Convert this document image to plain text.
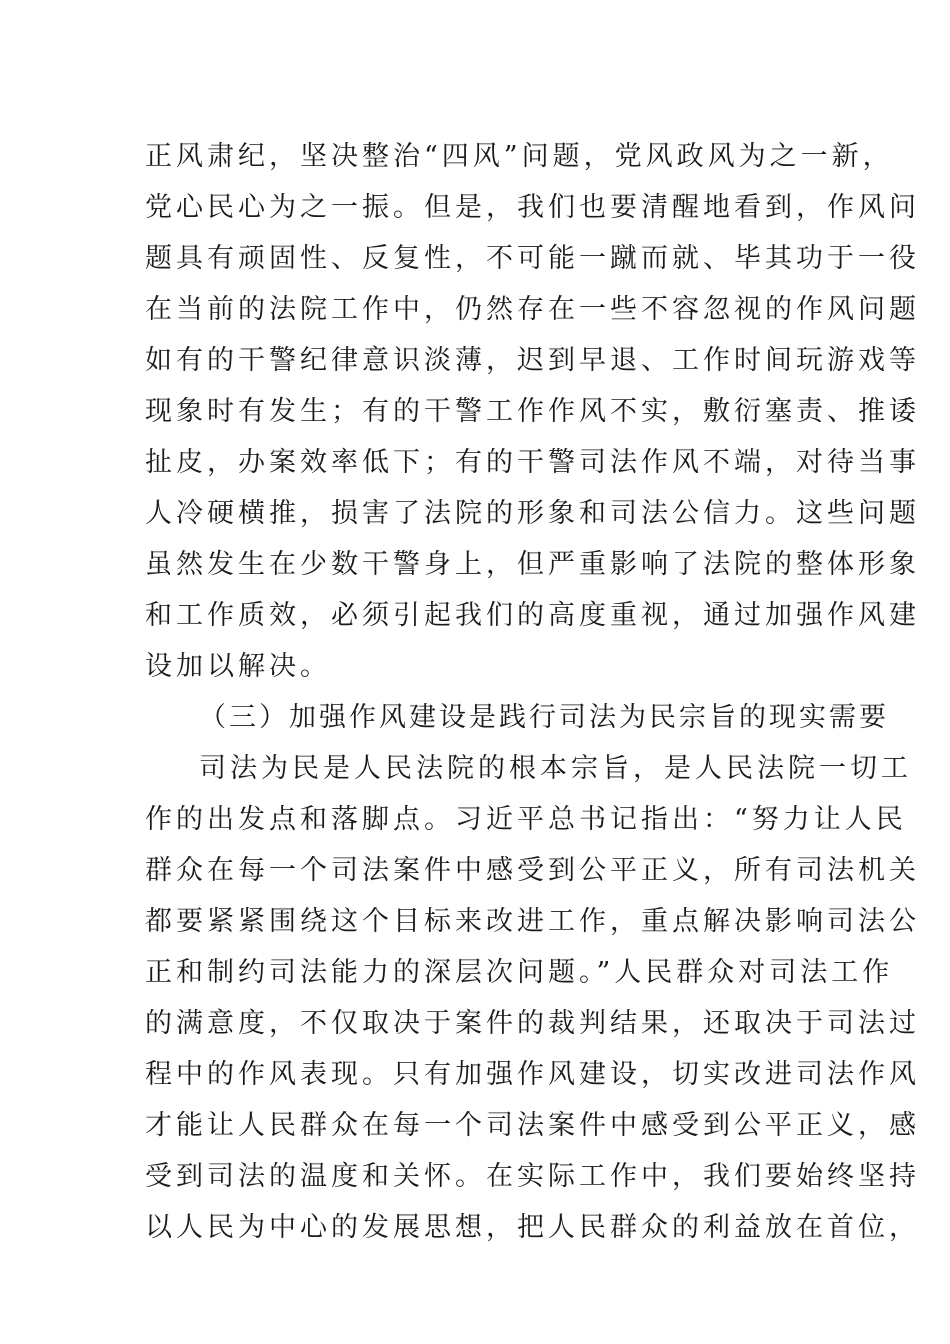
正风肃纪，坚决整治“四风”问题，党风政风为之一新，
党心民心为之一振。但是，我们也要清醒地看到，作风问
题具有顽固性、反复性，不可能一蹴而就、毕其功于一役
在当前的法院工作中，仍然存在一些不容忽视的作风问题
如有的干警纪律意识淡薄，迟到早退、工作时间玩游戏等
现象时有发生；有的干警工作作风不实，敷衍塞责、推诿
扯皮，办案效率低下；有的干警司法作风不端，对待当事
人冷硬横推，损害了法院的形象和司法公信力。这些问题
虽然发生在少数干警身上，但严重影响了法院的整体形象
和工作质效，必须引起我们的高度重视，通过加强作风建
设加以解决。
（三）加强作风建设是践行司法为民宗旨的现实需要
司法为民是人民法院的根本宗旨，是人民法院一切工
作的出发点和落脚点。习近平总书记指出：“努力让人民
群众在每一个司法案件中感受到公平正义，所有司法机关
都要紧紧围绕这个目标来改进工作，重点解决影响司法公
正和制约司法能力的深层次问题。”人民群众对司法工作
的满意度，不仅取决于案件的裁判结果，还取决于司法过
程中的作风表现。只有加强作风建设，切实改进司法作风
才能让人民群众在每一个司法案件中感受到公平正义，感
受到司法的温度和关怀。在实际工作中，我们要始终坚持
以人民为中心的发展思想，把人民群众的利益放在首位，
